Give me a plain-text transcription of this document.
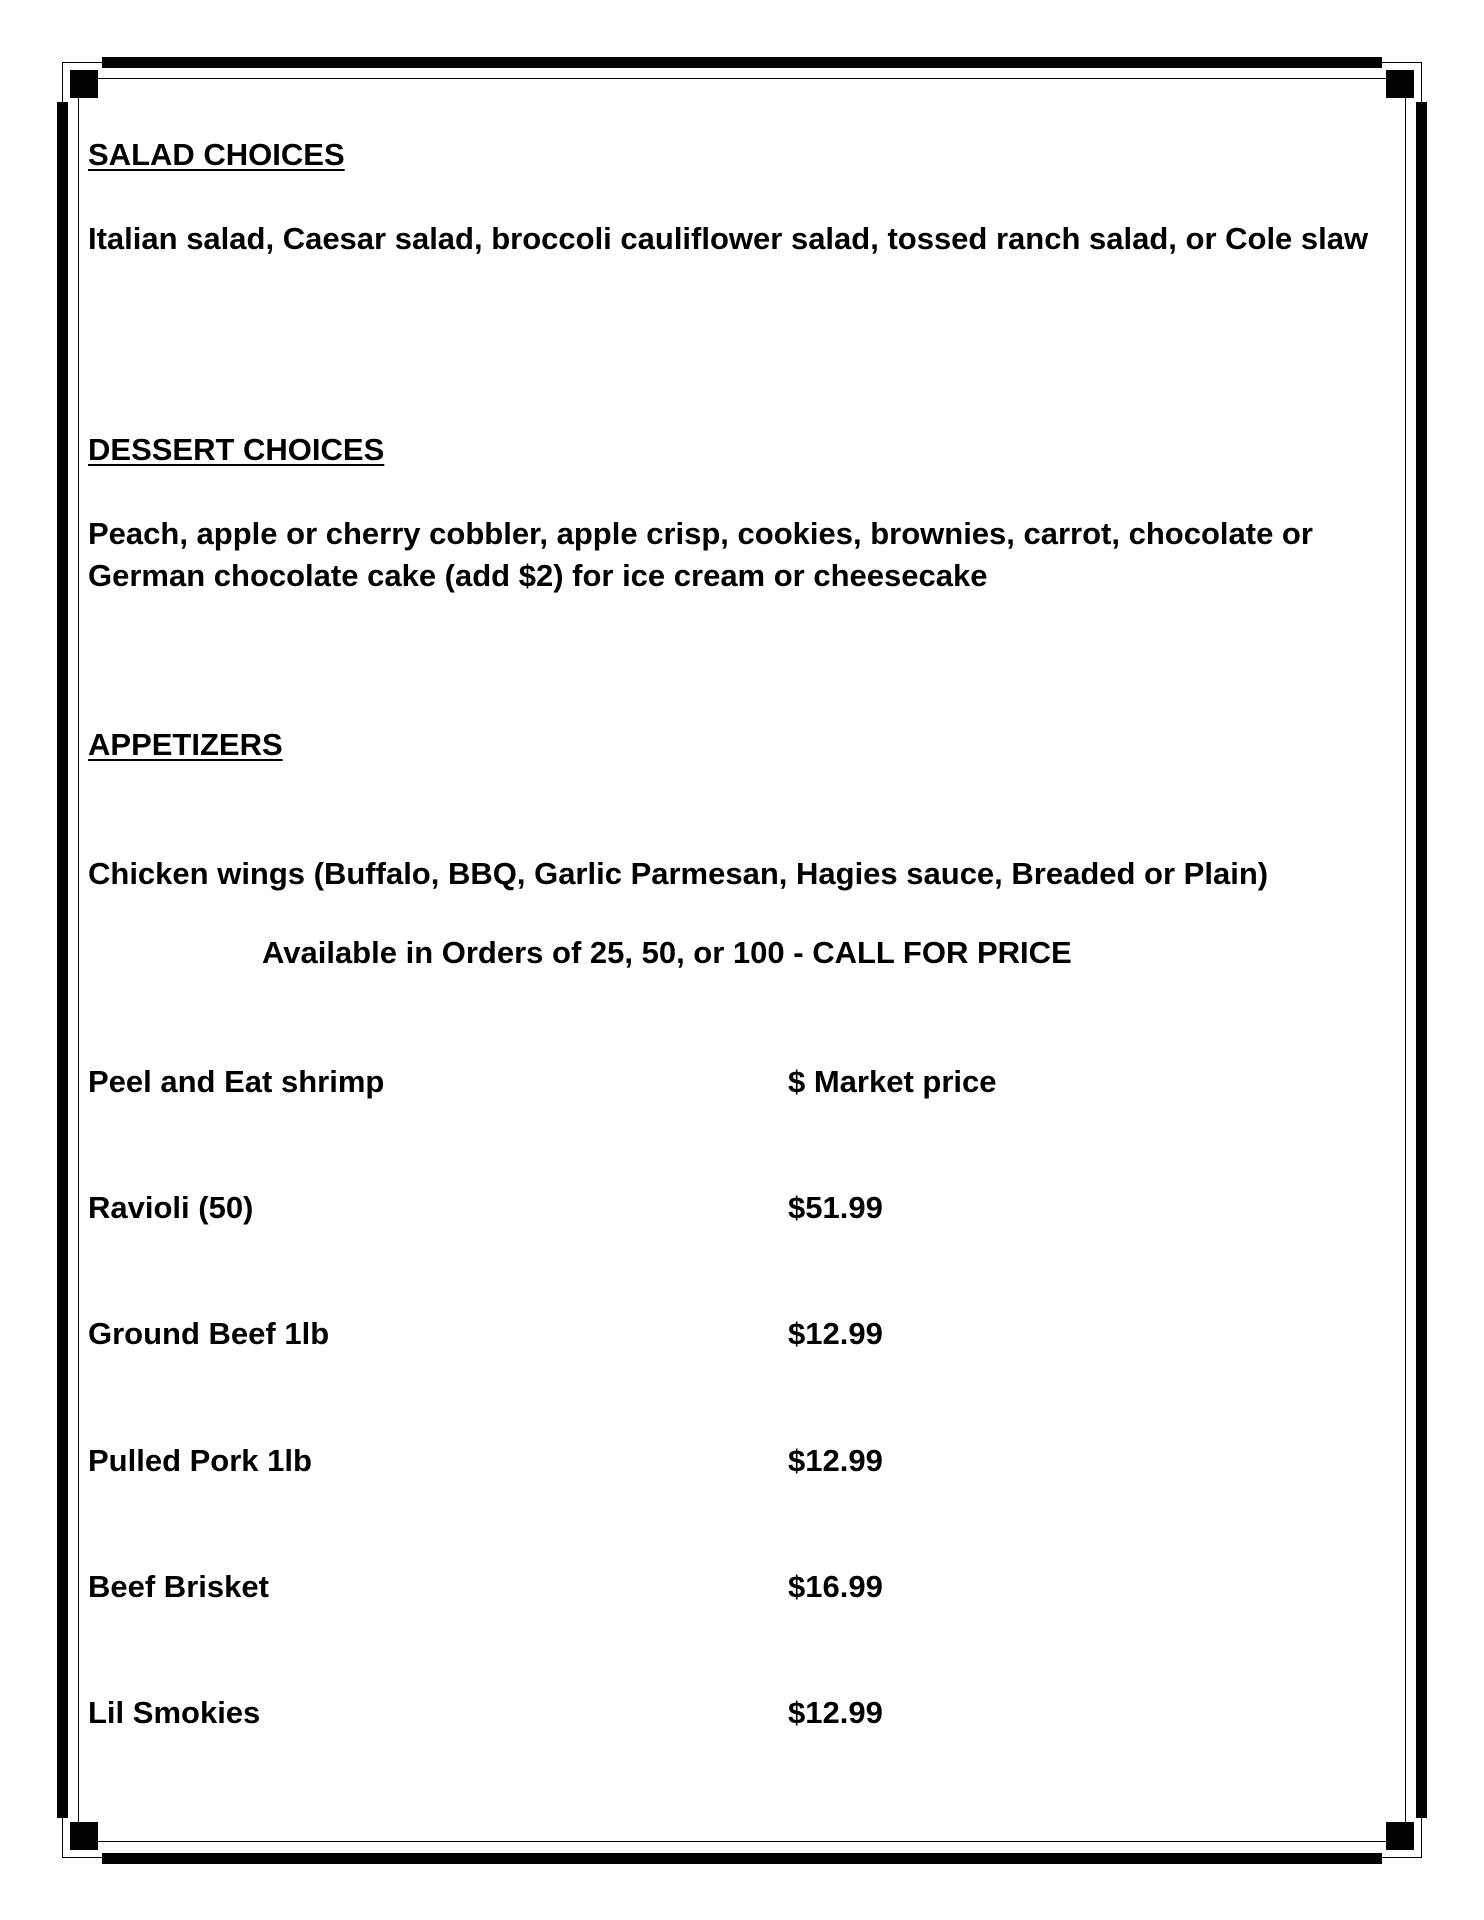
SALAD CHOICES

Italian salad, Caesar salad, broccoli cauliflower salad, tossed ranch salad, or Cole slaw

DESSERT CHOICES

Peach, apple or cherry cobbler, apple crisp, cookies, brownies, carrot, chocolate or German chocolate cake (add $2) for ice cream or cheesecake

APPETIZERS

Chicken wings (Buffalo, BBQ, Garlic Parmesan, Hagies sauce, Breaded or Plain)

Available in Orders of 25, 50, or 100 - CALL FOR PRICE

Peel and Eat shrimp	$ Market price
Ravioli (50)	$51.99
Ground Beef 1lb	$12.99
Pulled Pork 1lb	$12.99
Beef Brisket	$16.99
Lil Smokies	$12.99
